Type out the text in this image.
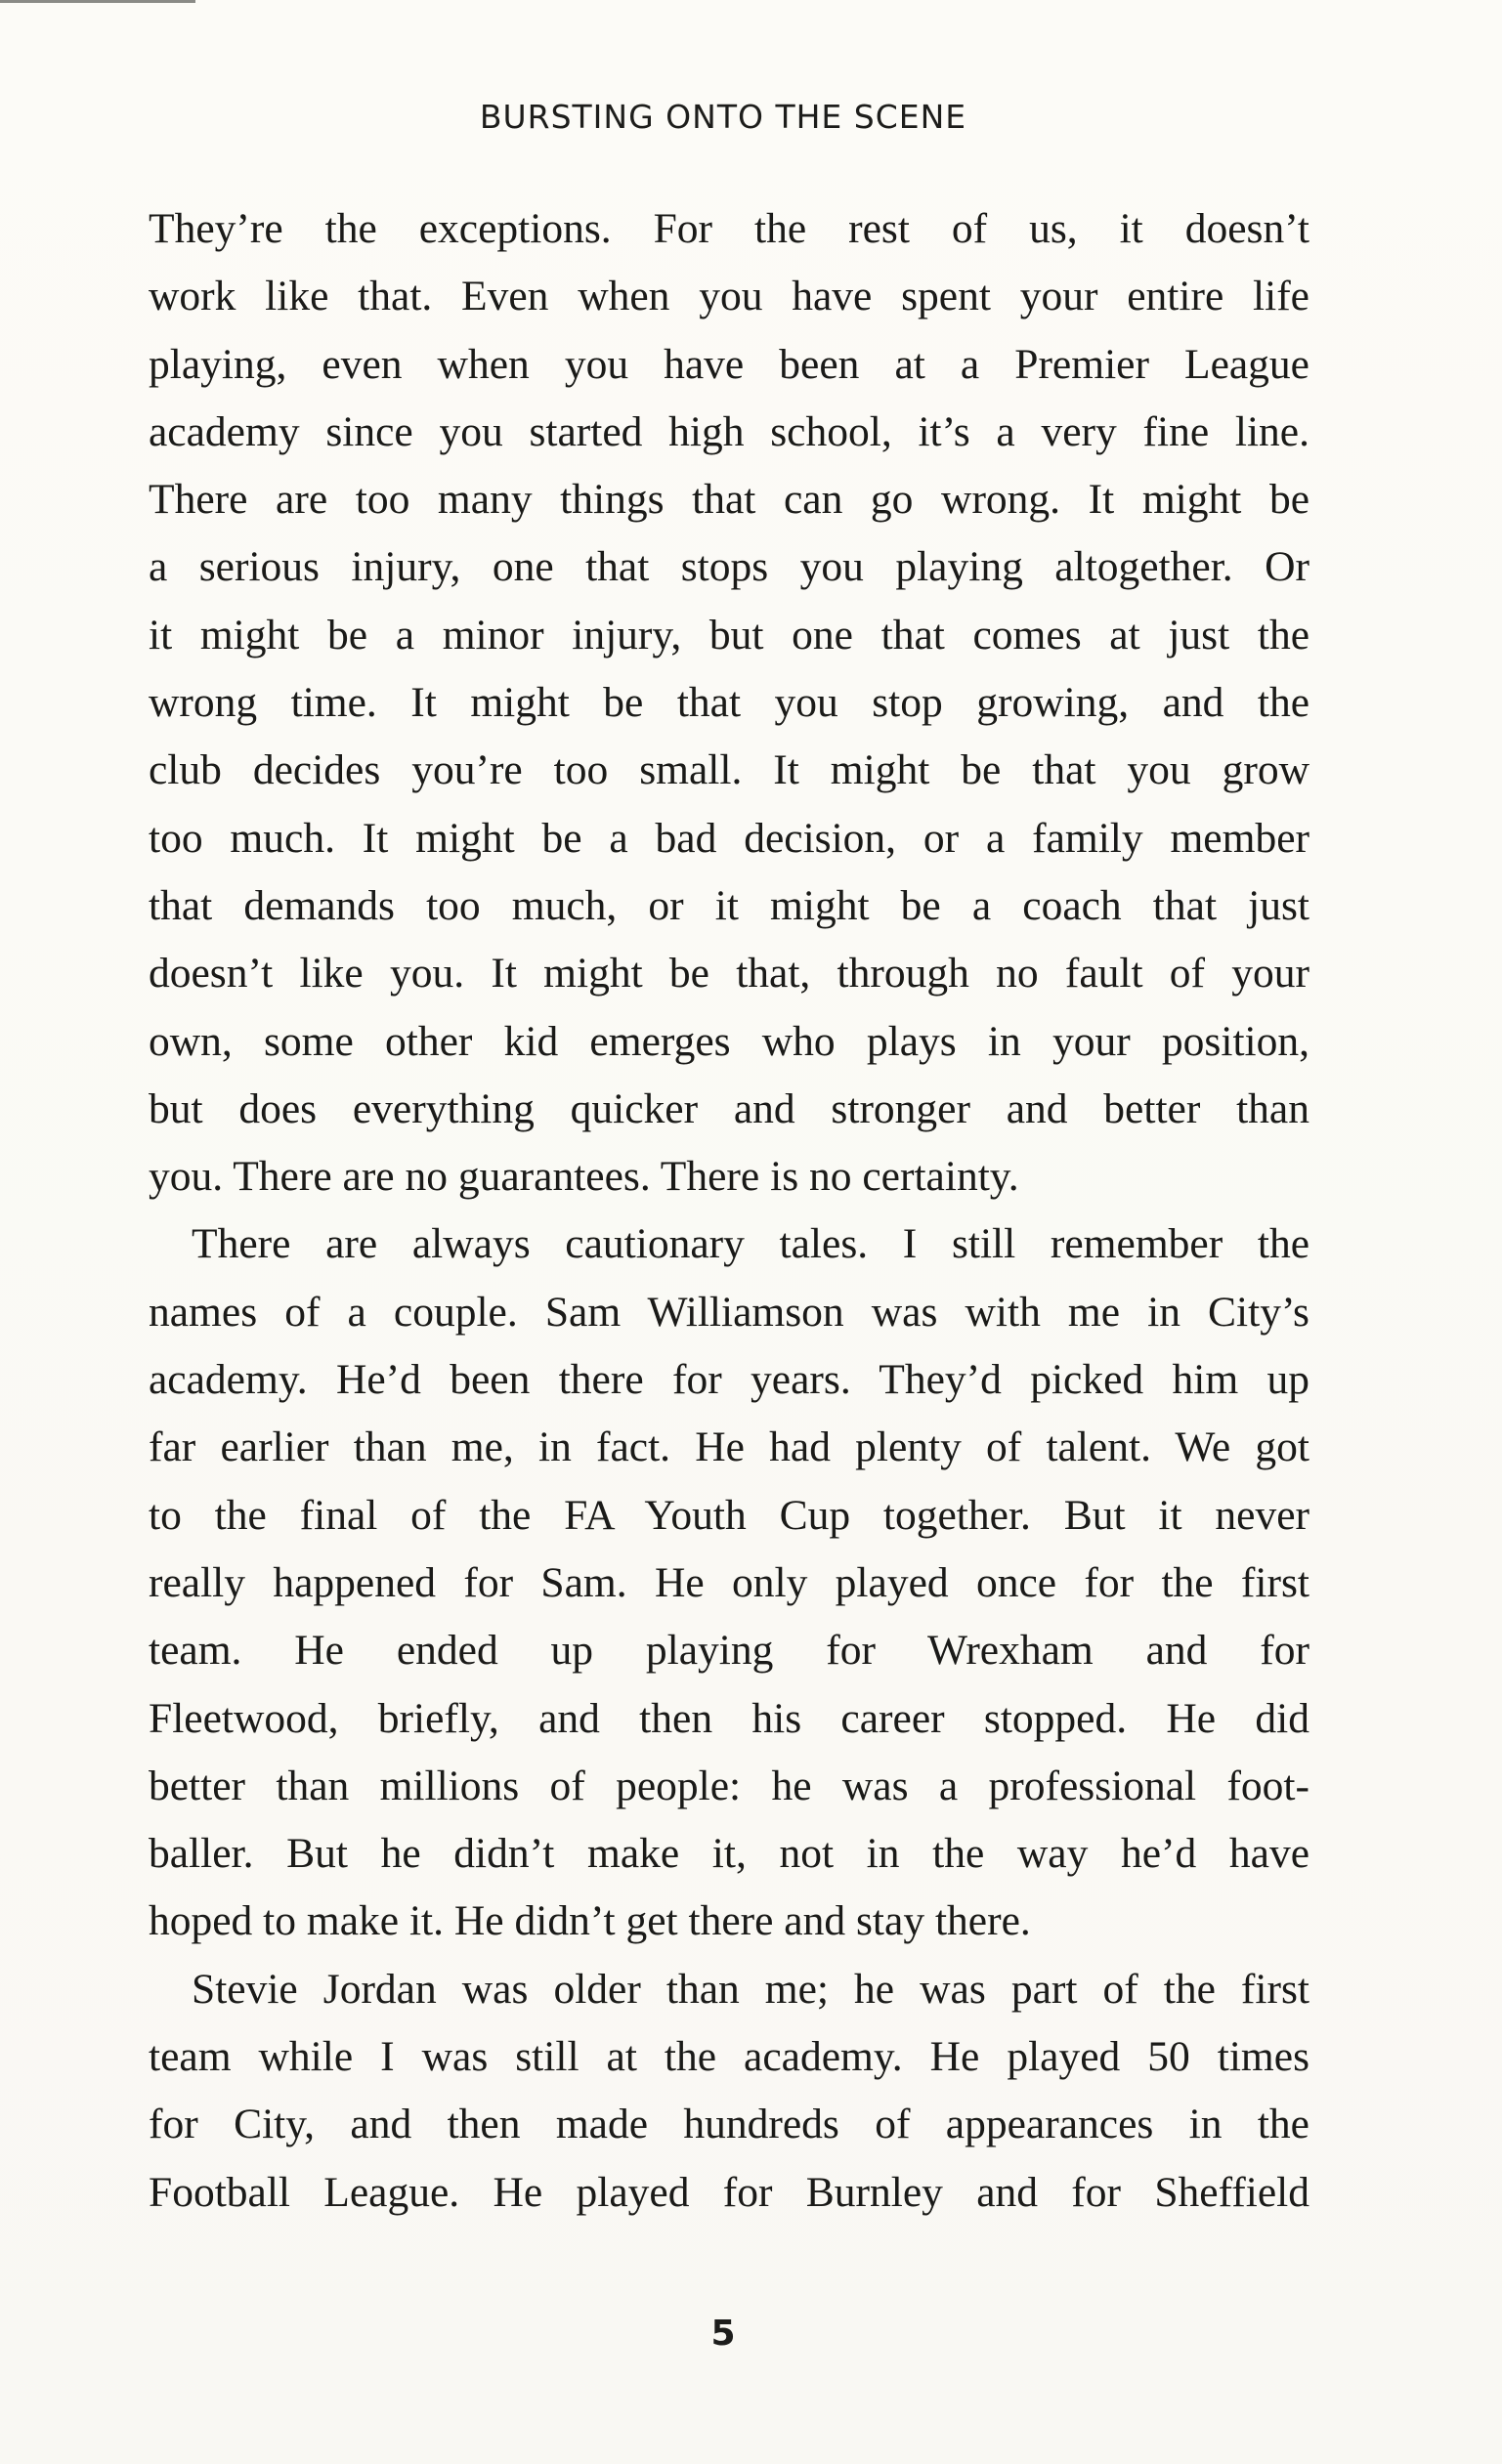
BURSTING ONTO THE SCENE
They’re the exceptions. For the rest of us, it doesn’t
work like that. Even when you have spent your entire life
playing, even when you have been at a Premier League
academy since you started high school, it’s a very fine line.
There are too many things that can go wrong. It might be
a serious injury, one that stops you playing altogether. Or
it might be a minor injury, but one that comes at just the
wrong time. It might be that you stop growing, and the
club decides you’re too small. It might be that you grow
too much. It might be a bad decision, or a family member
that demands too much, or it might be a coach that just
doesn’t like you. It might be that, through no fault of your
own, some other kid emerges who plays in your position,
but does everything quicker and stronger and better than
you. There are no guarantees. There is no certainty.
There are always cautionary tales. I still remember the
names of a couple. Sam Williamson was with me in City’s
academy. He’d been there for years. They’d picked him up
far earlier than me, in fact. He had plenty of talent. We got
to the final of the FA Youth Cup together. But it never
really happened for Sam. He only played once for the first
team. He ended up playing for Wrexham and for
Fleetwood, briefly, and then his career stopped. He did
better than millions of people: he was a professional foot-
baller. But he didn’t make it, not in the way he’d have
hoped to make it. He didn’t get there and stay there.
Stevie Jordan was older than me; he was part of the first
team while I was still at the academy. He played 50 times
for City, and then made hundreds of appearances in the
Football League. He played for Burnley and for Sheffield
5
